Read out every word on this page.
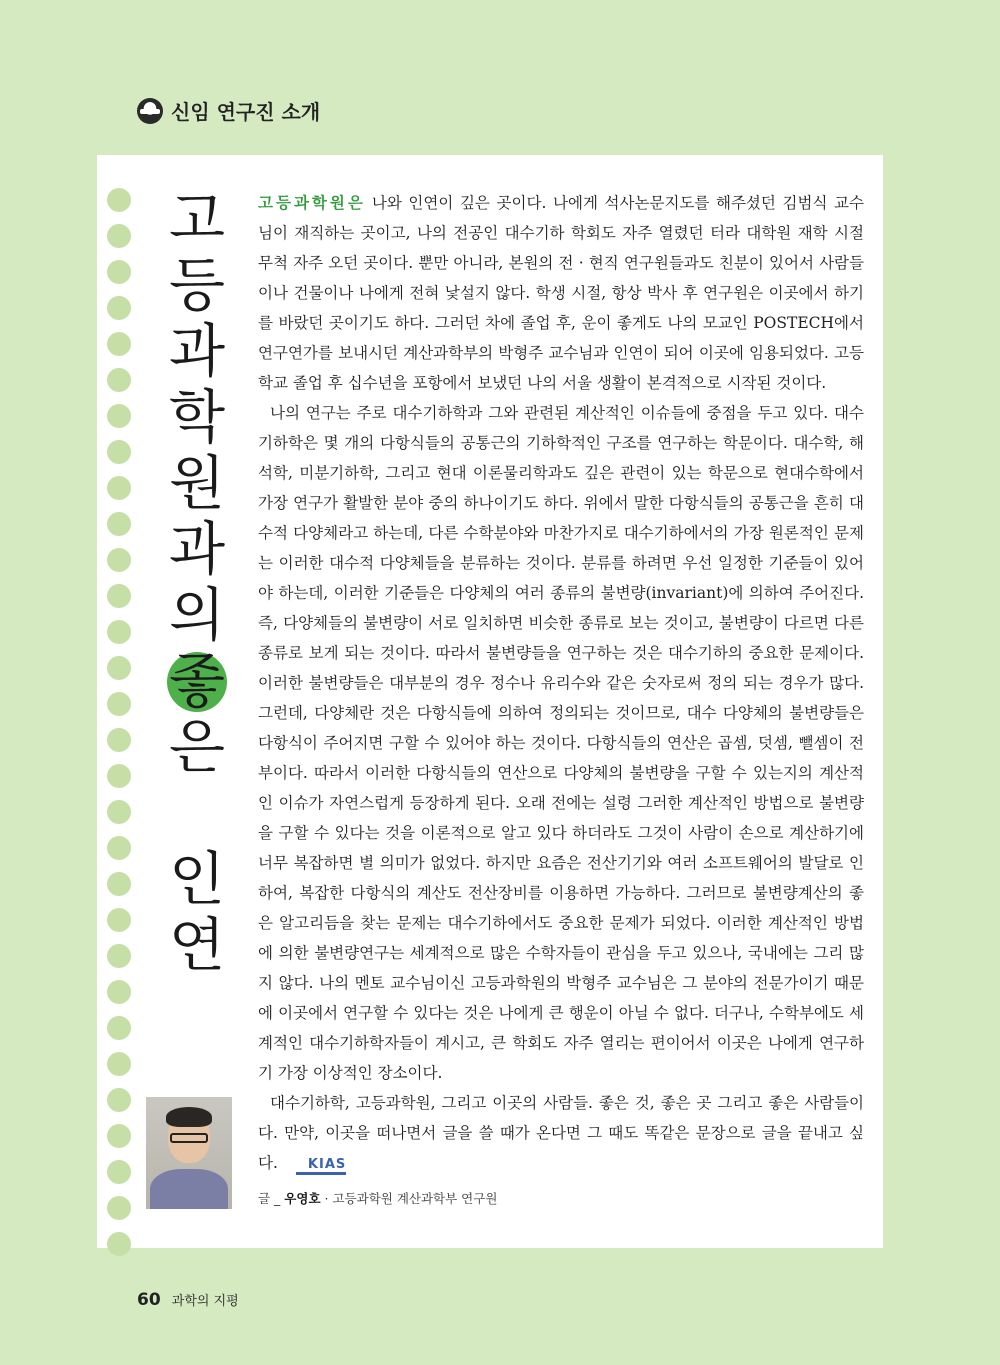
신임 연구진 소개
고
등
과
학
원
과
의
좋
은
인
연

고등과학원은 나와 인연이 깊은 곳이다. 나에게 석사논문지도를 해주셨던 김범식 교수님이 재직하는 곳이고, 나의 전공인 대수기하 학회도 자주 열렸던 터라 대학원 재학 시절 무척 자주 오던 곳이다. 뿐만 아니라, 본원의 전 · 현직 연구원들과도 친분이 있어서 사람들이나 건물이나 나에게 전혀 낯설지 않다. 학생 시절, 항상 박사 후 연구원은 이곳에서 하기를 바랐던 곳이기도 하다. 그러던 차에 졸업 후, 운이 좋게도 나의 모교인 POSTECH에서 연구연가를 보내시던 계산과학부의 박형주 교수님과 인연이 되어 이곳에 임용되었다. 고등학교 졸업 후 십수년을 포항에서 보냈던 나의 서울 생활이 본격적으로 시작된 것이다.

나의 연구는 주로 대수기하학과 그와 관련된 계산적인 이슈들에 중점을 두고 있다. 대수 기하학은 몇 개의 다항식들의 공통근의 기하학적인 구조를 연구하는 학문이다. 대수학, 해석학, 미분기하학, 그리고 현대 이론물리학과도 깊은 관련이 있는 학문으로 현대수학에서 가장 연구가 활발한 분야 중의 하나이기도 하다. 위에서 말한 다항식들의 공통근을 흔히 대수적 다양체라고 하는데, 다른 수학분야와 마찬가지로 대수기하에서의 가장 원론적인 문제는 이러한 대수적 다양체들을 분류하는 것이다. 분류를 하려면 우선 일정한 기준들이 있어야 하는데, 이러한 기준들은 다양체의 여러 종류의 불변량(invariant)에 의하여 주어진다. 즉, 다양체들의 불변량이 서로 일치하면 비슷한 종류로 보는 것이고, 불변량이 다르면 다른 종류로 보게 되는 것이다. 따라서 불변량들을 연구하는 것은 대수기하의 중요한 문제이다. 이러한 불변량들은 대부분의 경우 정수나 유리수와 같은 숫자로써 정의 되는 경우가 많다. 그런데, 다양체란 것은 다항식들에 의하여 정의되는 것이므로, 대수 다양체의 불변량들은 다항식이 주어지면 구할 수 있어야 하는 것이다. 다항식들의 연산은 곱셈, 덧셈, 뺄셈이 전부이다. 따라서 이러한 다항식들의 연산으로 다양체의 불변량을 구할 수 있는지의 계산적인 이슈가 자연스럽게 등장하게 된다. 오래 전에는 설령 그러한 계산적인 방법으로 불변량을 구할 수 있다는 것을 이론적으로 알고 있다 하더라도 그것이 사람이 손으로 계산하기에 너무 복잡하면 별 의미가 없었다. 하지만 요즘은 전산기기와 여러 소프트웨어의 발달로 인하여, 복잡한 다항식의 계산도 전산장비를 이용하면 가능하다. 그러므로 불변량계산의 좋은 알고리듬을 찾는 문제는 대수기하에서도 중요한 문제가 되었다. 이러한 계산적인 방법에 의한 불변량연구는 세계적으로 많은 수학자들이 관심을 두고 있으나, 국내에는 그리 많지 않다. 나의 멘토 교수님이신 고등과학원의 박형주 교수님은 그 분야의 전문가이기 때문에 이곳에서 연구할 수 있다는 것은 나에게 큰 행운이 아닐 수 없다. 더구나, 수학부에도 세계적인 대수기하학자들이 계시고, 큰 학회도 자주 열리는 편이어서 이곳은 나에게 연구하기 가장 이상적인 장소이다.

대수기하학, 고등과학원, 그리고 이곳의 사람들. 좋은 것, 좋은 곳 그리고 좋은 사람들이다. 만약, 이곳을 떠나면서 글을 쓸 때가 온다면 그 때도 똑같은 문장으로 글을 끝내고 싶다. KIAS

글 _ 우영호 · 고등과학원 계산과학부 연구원
60 과학의 지평
